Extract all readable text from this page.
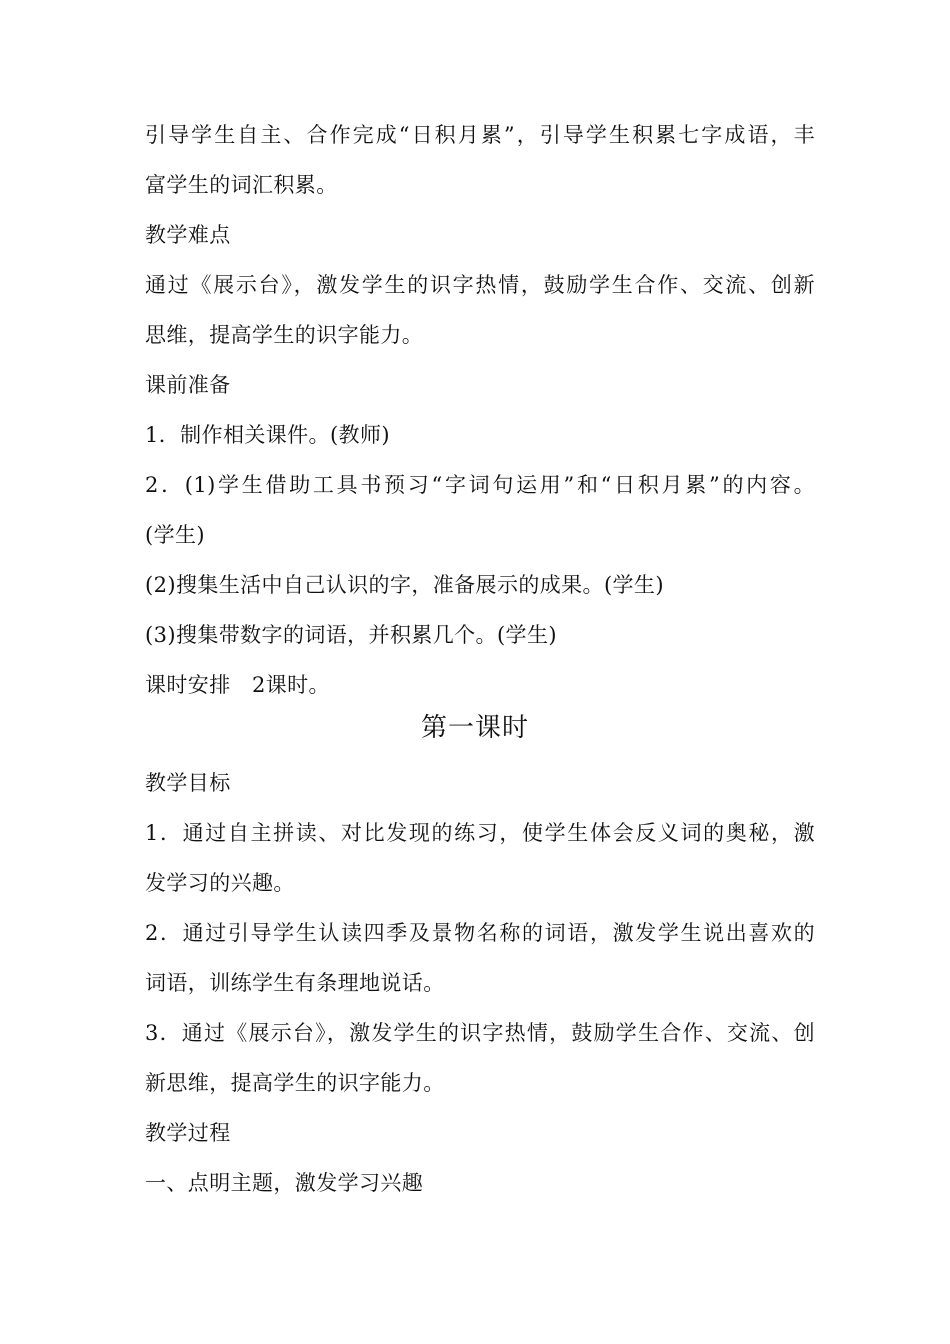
引导学生自主、合作完成“日积月累”，引导学生积累七字成语，丰
富学生的词汇积累。
教学难点
通过《展示台》，激发学生的识字热情，鼓励学生合作、交流、创新
思维，提高学生的识字能力。
课前准备
1．制作相关课件。(教师)
2．(1)学生借助工具书预习“字词句运用”和“日积月累”的内容。
(学生)
(2)搜集生活中自己认识的字，准备展示的成果。(学生)
(3)搜集带数字的词语，并积累几个。(学生)
课时安排　2课时。
第一课时
教学目标
1．通过自主拼读、对比发现的练习，使学生体会反义词的奥秘，激
发学习的兴趣。
2．通过引导学生认读四季及景物名称的词语，激发学生说出喜欢的
词语，训练学生有条理地说话。
3．通过《展示台》，激发学生的识字热情，鼓励学生合作、交流、创
新思维，提高学生的识字能力。
教学过程
一、点明主题，激发学习兴趣
